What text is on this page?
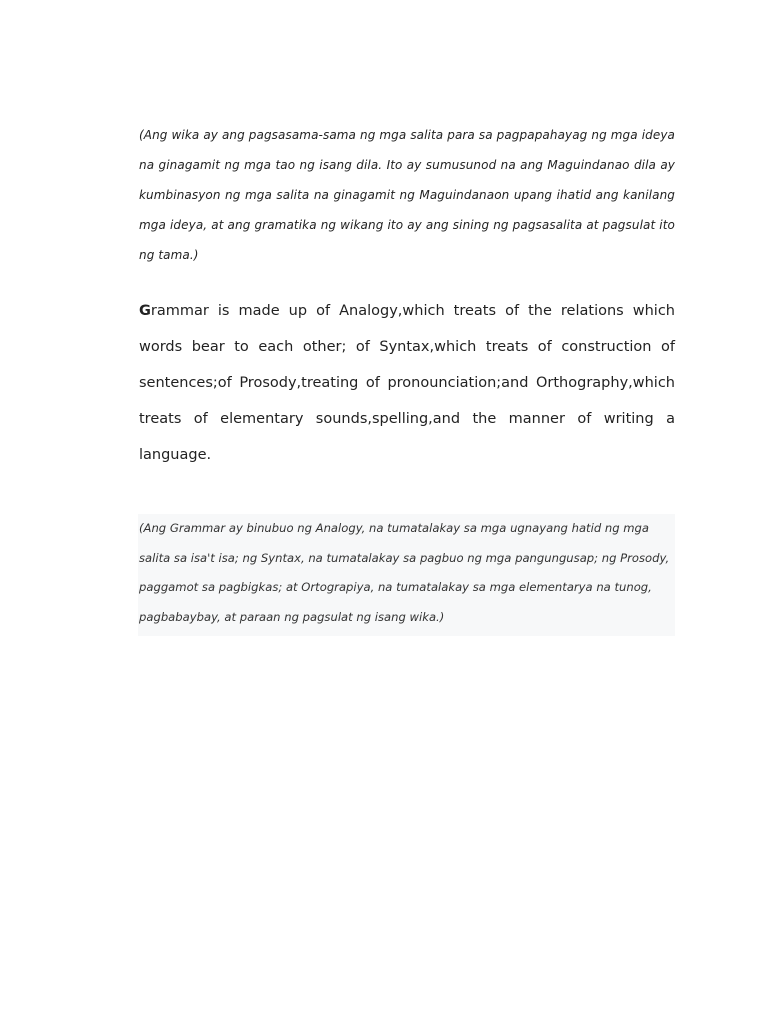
(Ang wika ay ang pagsasama-sama ng mga salita para sa pagpapahayag ng mga ideya na ginagamit ng mga tao ng isang dila. Ito ay sumusunod na ang Maguindanao dila ay kumbinasyon ng mga salita na ginagamit ng Maguindanaon upang ihatid ang kanilang mga ideya, at ang gramatika ng wikang ito ay ang sining ng pagsasalita at pagsulat ito ng tama.)

Grammar is made up of Analogy,which treats of the relations which words bear to each other; of Syntax,which treats of construction of sentences;of Prosody,treating of pronounciation;and Orthography,which treats of elementary sounds,spelling,and the manner of writing a language.

(Ang Grammar ay binubuo ng Analogy, na tumatalakay sa mga ugnayang hatid ng mga salita sa isa't isa; ng Syntax, na tumatalakay sa pagbuo ng mga pangungusap; ng Prosody, paggamot sa pagbigkas; at Ortograpiya, na tumatalakay sa mga elementarya na tunog, pagbabaybay, at paraan ng pagsulat ng isang wika.)
